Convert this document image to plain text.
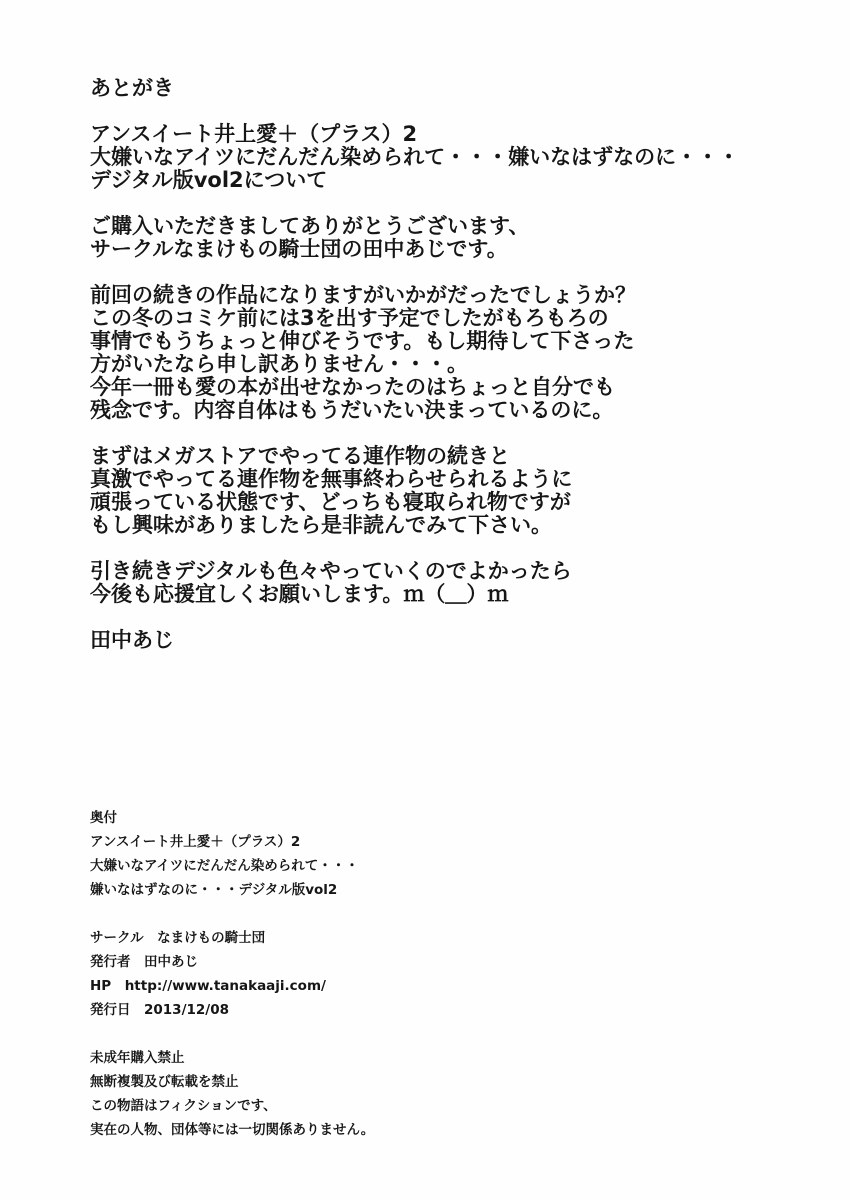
あとがき
アンスイート井上愛＋（プラス）2
大嫌いなアイツにだんだん染められて・・・嫌いなはずなのに・・・
デジタル版vol2について
ご購入いただきましてありがとうございます、
サークルなまけもの騎士団の田中あじです。
前回の続きの作品になりますがいかがだったでしょうか？
この冬のコミケ前には3を出す予定でしたがもろもろの
事情でもうちょっと伸びそうです。もし期待して下さった
方がいたなら申し訳ありません・・・。
今年一冊も愛の本が出せなかったのはちょっと自分でも
残念です。内容自体はもうだいたい決まっているのに。
まずはメガストアでやってる連作物の続きと
真激でやってる連作物を無事終わらせられるように
頑張っている状態です、どっちも寝取られ物ですが
もし興味がありましたら是非読んでみて下さい。
引き続きデジタルも色々やっていくのでよかったら
今後も応援宜しくお願いします。ｍ（＿）ｍ
田中あじ
奥付
アンスイート井上愛＋（プラス）2
大嫌いなアイツにだんだん染められて・・・
嫌いなはずなのに・・・デジタル版vol2
サークル　なまけもの騎士団
発行者　田中あじ
HP　http://www.tanakaaji.com/
発行日　2013/12/08
未成年購入禁止
無断複製及び転載を禁止
この物語はフィクションです、
実在の人物、団体等には一切関係ありません。
